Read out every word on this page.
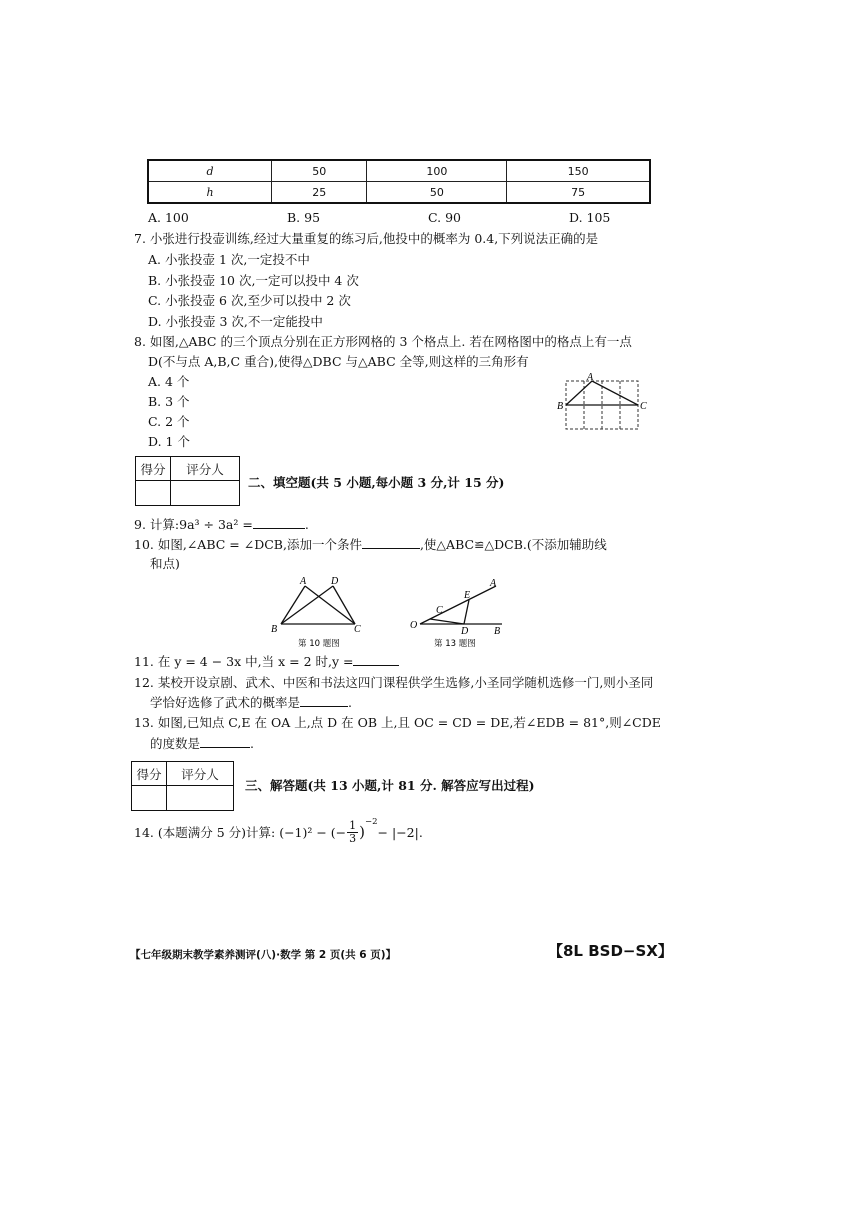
d	50	100	150
h	25	50	75
A. 100	B. 95	C. 90	D. 105
7. 小张进行投壶训练,经过大量重复的练习后,他投中的概率为 0.4,下列说法正确的是
A. 小张投壶 1 次,一定投不中
B. 小张投壶 10 次,一定可以投中 4 次
C. 小张投壶 6 次,至少可以投中 2 次
D. 小张投壶 3 次,不一定能投中
8. 如图,△ABC 的三个顶点分别在正方形网格的 3 个格点上. 若在网格图中的格点上有一点
D(不与点 A,B,C 重合),使得△DBC 与△ABC 全等,则这样的三角形有
A. 4 个
B. 3 个
C. 2 个
D. 1 个
A
B	C
得分	评分人

二、填空题(共 5 小题,每小题 3 分,计 15 分)
9. 计算:9a³ ÷ 3a² =	.
10. 如图,∠ABC = ∠DCB,添加一个条件	,使△ABC≌△DCB.(不添加辅助线
和点)
A D
B	C
第 10 题图
A
E
C
O
D	B
第 13 题图
11. 在 y = 4 − 3x 中,当 x = 2 时,y =
12. 某校开设京剧、武术、中医和书法这四门课程供学生选修,小圣同学随机选修一门,则小圣同
学恰好选修了武术的概率是	.
13. 如图,已知点 C,E 在 OA 上,点 D 在 OB 上,且 OC = CD = DE,若∠EDB = 81°,则∠CDE
的度数是	.
得分	评分人

三、解答题(共 13 小题,计 81 分. 解答应写出过程)
14. (本题满分 5 分)计算: (−1)² − (− $\frac{1}{3}$ )
−2
− |−2|.
【七年级期末教学素养测评(八)·数学 第 2 页(共 6 页)】	【8L BSD−SX】
